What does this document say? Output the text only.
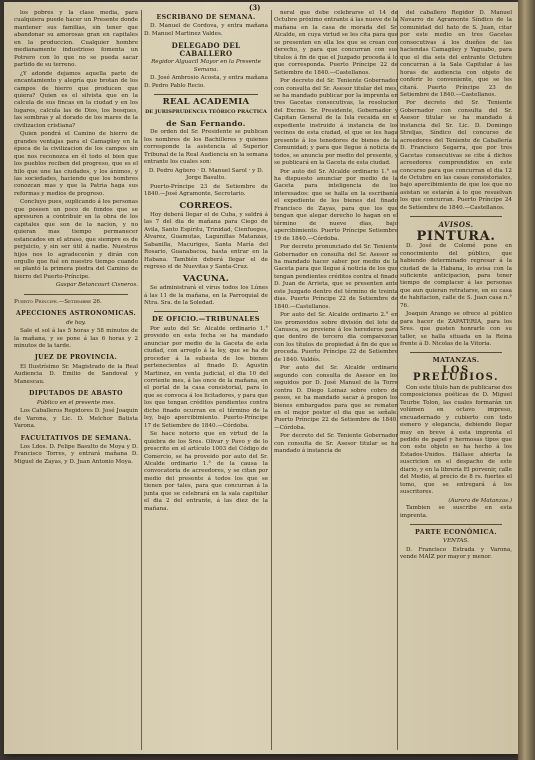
(3)

los pobres y la clase media, para cualquiera puede hacer un Presente donde mantener sus familias, sin tener que abandonar su amorosas gran en capitales en la produccion. Cualquier hombre medianamente industrioso fomenta un Potrero con lo que no se pueda sacar partido de su terreno.

¿Y adonde dejamos aquella parte de encantamiento y alegría que brotan de los campos de hierro que producen que quiera? Quien es el silvista que en la calcula de sus fincas en la ciudad y en los lugares, calcula las de Dios, los bosques, las sombras y al dorado de los mares de la civilizacion cristiana?

Quien pondrá el Camino de hierro de grandes ventajas para el Camagüey en la época de la civilizacion de los campos sin que nos reconozca en él todo el bien que los pueblos reciben del progreso, que es el hilo que une las ciudades, y los ánimos, y las sociedades, haciendo que los hombres conozcan mas y que la Patria haga sus reformas y medios de progreso.

Concluyo pues, suplicando á los personas que poseen un poco de fondos que se apresuren a contribuir en la obra de los capitales que son de la nacion, y no quieran mas tiempo permanecer estancados en el atraso, que siempre es de perjuicio, y sin ser útil á nadie. Nuestros hijos nos lo agradecerán y dirán con orgullo que fué en nuestro tiempo cuando se plantó la primera piedra del Camino de hierro del Puerto-Príncipe.

Gaspar Betancourt Cisneros.
Puerto Príncipe.—Setiembre 26.
APECCIONES ASTRONOMICAS.
de hoy.

Sale el sol á las 5 horas y 58 minutos de la mañana, y se pone á las 6 horas y 2 minutos de la tarde.

JUEZ DE PROVINCIA.

El Ilustrísimo Sr. Magistrado de la Real Audiencia D. Emilio de Sandoval y Manescau.

DIPUTADOS DE ABASTO
Público en el presente mes.

Los Caballeros Regidores D. José Joaquin de Varona, y Lic. D. Melchor Batista Varona.

FACULTATIVOS DE SEMANA.

Los Ldos. D. Felipe Basulto de Moya y D. Francisco Torres, y entrará mañana D. Miguel de Zayas, y D. Juan Antonio Moya.

ESCRIBANO DE SEMANA.

D. Manuel de Cordova, y entra mañana D. Manuel Martinez Valdes.

DELEGADO DEL CABALLERO
Regidor Alguacil Mayor en la Presente Semana.

D. José Ambrosio Acosta, y entra mañana D. Pedro Pablo Recio.

REAL ACADEMIA
DE JURISPRUDENCIA TEÓRICO PRÁCTICA
de San Fernando.

De orden del Sr. Presidente se publican los nombres de los Bachilleres y quienes corresponde la asistencia al Superior Tribunal de la Real Audiencia en la semana entrante los cuales son:

D. Pedro Agüero · D. Manuel Sarol · y D. Jorge Basulto.

Puerto-Príncipe 23 de Setiembre de 1840.—José Agramonte, Secretario.

CORREOS.

Hoy deberá llegar el de Cuba, y saldrá á las 7 del dia de mañana para Ciego de Avila, Santo Espíritu, Trinidad, Cienfuegos, Álvarez, Guamutas, Lagunillas Matanzas, Sabanilla, Macuriges, Santa María del Rosario, Guanabacoa, hasta entrar en la Habana. También deberá llegar el de regreso el de Nuevitas y Santa-Cruz.

VACUNA.

Se administrará el virus todos los Lúnes á las 11 de la mañana, en la Parroquial de Ntra. Sra. de la Soledad.

DE OFICIO.—TRIBUNALES

Por auto del Sr. Alcalde ordinario 1.° proveido en esta fecha se ha mandado anunciar por medio de la Gaceta de esta ciudad, con arreglo á la ley, que se ha de proceder á la subasta de los bienes pertenecientes al finado D. Agustin Martinez, en venta judicial, el dia 10 del corriente mes, á las once de la mañana, en el portal de la casa consistorial, para lo que se convoca á los licitadores, y para que los que tengan créditos pendientes contra dicho finado ocurran en el término de la ley, bajo apercibimiento. Puerto-Príncipe 17 de Setiembre de 1840.—Córdoba.

Se hace notorio que en virtud de la quiebra de los Sres. Olivar y Pavo y de lo prescrito en el artículo 1003 del Código de Comercio, se ha proveido por auto del Sr. Alcalde ordinario 1.° de la causa la convocatoria de acreedores, y se citan por medio del presente á todos los que se tienen por tales, para que concurran á la junta que se celebrará en la sala capitular el dia 2 del entrante, á las diez de la mañana.

neral que debe celebrarse el 14 de Octubre próximo entrante á las nueve de la mañana en la casa de morada del Sr. Alcalde, en cuya virtud se les cita para que se presenten en ella los que se crean con derecho, y para que concurran con sus títulos á fin de que el Juzgado proceda á lo que corresponda. Puerto Príncipe 22 de Setiembre de 1840.—Castellanos.

Por decreto del Sr. Teniente Gobernador con consulta del Sr. Asesor titular del mes, se ha mandado publicar por la imprenta en tres Gacetas consecutivas, la resolucion del Excmo. Sr. Presidente, Gobernador y Capitan General de la Isla recaida en el expediente instruido á instancia de los vecinos de esta ciudad, el que se les haga presente á los tenedores de bienes de la Comunidad; y para que llegue á noticia de todos, se anuncia por medio del presente, y se publicará en la Gaceta de esta ciudad.

Por auto del Sr. Alcalde ordinario 1.° se ha dispuesto anunciar por medio de la Gaceta para inteligencia de los interesados: que se halla en la escribanía el expediente de los bienes del finado Francisco de Zayas, para que los que tengan que alegar derecho lo hagan en el término de nueve dias, bajo apercibimiento. Puerto Príncipe Setiembre 19 de 1840.—Córdoba.

Por decreto pronunciado del Sr. Teniente Gobernador en consulta del Sr. Asesor se ha mandado hacer saber por medio de la Gaceta para que llegue á noticia de los que tengan pendientes créditos contra el finado D. Juan de Arrieta, que se presenten ante este Juzgado dentro del término de treinta dias. Puerto Príncipe 22 de Setiembre de 1840.—Castellanos.

Por auto del Sr. Alcalde ordinario 2.° en los promovidos sobre división del lote de Canusca, se previene á los herederos para que dentro de tercero dia comparezcan con los títulos de propiedad á fin de que se proceda. Puerto Príncipe 22 de Setiembre de 1840. Valdés.

Por auto del Sr. Alcalde ordinario segundo con consulta de Asesor en los seguidos por D. José Manuel de la Torre contra D. Diego Loinaz sobre cobro de pesos, se ha mandado sacar á pregon los bienes embargados para que se rematen en el mejor postor el dia que se señale. Puerto Príncipe 22 de Setiembre de 1840.—Córdoba.

Por decreto del Sr. Teniente Gobernador con consulta de Sr. Asesor titular se ha mandado á instancia de

del caballero Regidor D. Manuel Navarro de Agramonte Síndico de la comunidad del hato de S. Juan, citar por este medio en tres Gacetas consecutivas á los dueños de las haciendas Camagüey y Yaguabo, para que el dia seis del entrante Octubre concurran á la Sala Capitular á las horas de audiencia con objeto de conferir lo conveniente, que se les citará. Puerto Príncipe 23 de Setiembre de 1840.—Castellanos.

Por decreto del Sr. Teniente Gobernador con consulta del Sr. Asesor titular se ha mandado á instancia del Sr. Lic. D. Domingo Streljas, Síndico del concurso de acreedores del Teniente de Caballería D. Francisco Segarra, que por tres Gacetas consecutivas se cite á dichos acreedores comprendidos en este concurso para que concurran el dia 12 de Octubre en las casas consistoriales, bajo apercibimiento de que los que no asistan se estarán á lo que resuelvan los que concurran. Puerto Príncipe 24 de Setiembre de 1840.—Castellanos.

AVISOS.
PINTURA.

D. José de Colomé pone en conocimiento del público, que habiendo determinado regresar á la ciudad de la Habana, lo avisa con la suficiente anticipacion, para tener tiempo de complacer á las personas que aun quieran retratarse, en su casa de habitacion, calle de S. Juan casa n.° 76.

Joaquin Arango se ofrece al público para hacer de ZAPATERIA, para los Sres. que gusten honrarle con su taller, se halla situada en la Reina frente á D. Nicolas de la Vitoria.

MATANZAS.
LOS PRELUDIOS.

Con este título han de publicarse dos composiciones poéticas de D. Miguel Teurbe Tolon, las cuales formarán un volúmen en octavo impreso, encuadernado y cubierto con todo esmero y elegancia, debiendo llegar muy en breve á esta imprenta el pedido de papel y hermosas tipos que con este objeto se ha hecho á los Estados-Unidos. Hállase abierta la suscricion en el despacho de este diario, y en la librería El porvenir, calle del Medio, al precio de 8 rs. fuertes el tomo, que se entregará á los suscritores.

(Aurora de Matanzas.)

Tambien se suscribe en esta imprenta.

PARTE ECONÓMICA.
VENTAS.

D. Francisco Estrada y Varona, vende MAÍZ por mayor y menor.
